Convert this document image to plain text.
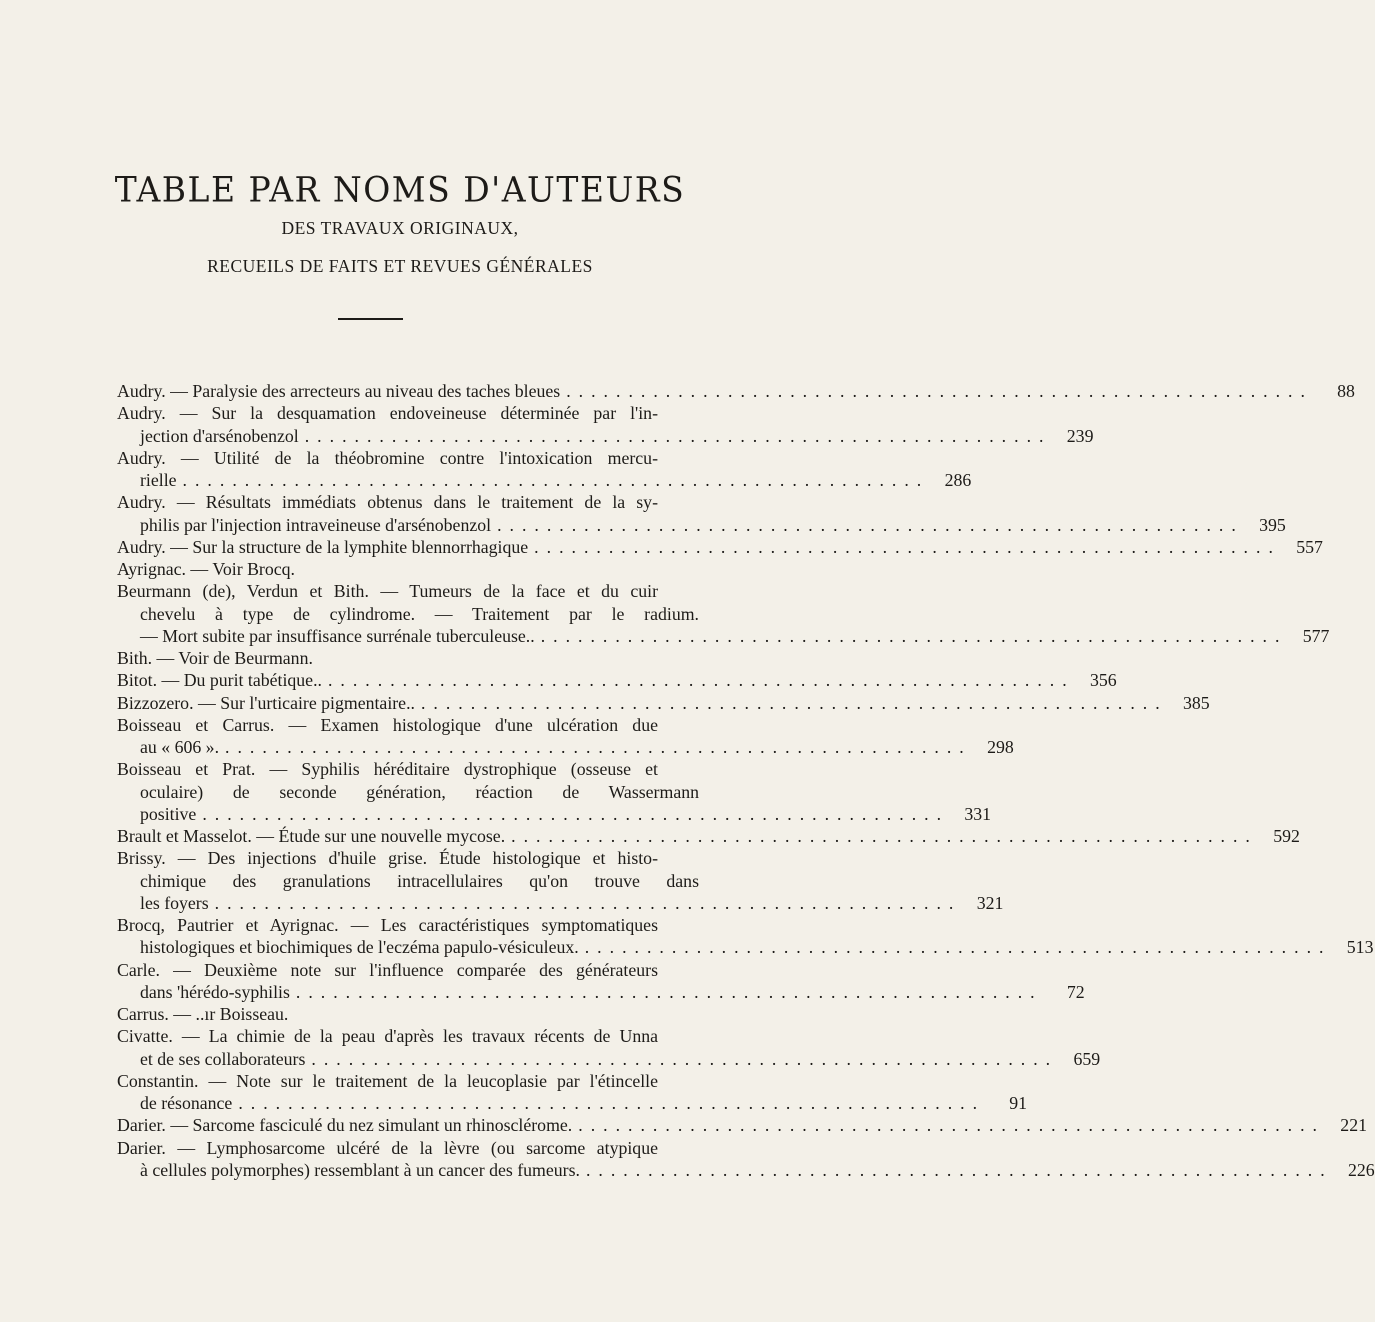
TABLE PAR NOMS D'AUTEURS
DES TRAVAUX ORIGINAUX,
RECUEILS DE FAITS ET REVUES GÉNÉRALES
Audry. — Paralysie des arrecteurs au niveau des taches bleues ............................................................	88
Audry. — Sur la desquamation endoveineuse déterminée par l'in-
jection d'arsénobenzol ............................................................ 239
Audry. — Utilité de la théobromine contre l'intoxication mercu-
rielle ............................................................ 286
Audry. — Résultats immédiats obtenus dans le traitement de la sy-
philis par l'injection intraveineuse d'arsénobenzol ............................................................ 395
Audry. — Sur la structure de la lymphite blennorrhagique ............................................................ 557
Ayrignac. — Voir Brocq.
Beurmann (de), Verdun et Bith. — Tumeurs de la face et du cuir
chevelu à type de cylindrome. — Traitement par le radium.
— Mort subite par insuffisance surrénale tuberculeuse.. ............................................................ 577
Bith. — Voir de Beurmann.
Bitot. — Du purit tabétique.. ............................................................ 356
Bizzozero. — Sur l'urticaire pigmentaire.. ............................................................ 385
Boisseau et Carrus. — Examen histologique d'une ulcération due
au « 606 ». ............................................................ 298
Boisseau et Prat. — Syphilis héréditaire dystrophique (osseuse et
oculaire) de seconde génération, réaction de Wassermann
positive ............................................................ 331
Brault et Masselot. — Étude sur une nouvelle mycose. ............................................................ 592
Brissy. — Des injections d'huile grise. Étude histologique et histo-
chimique des granulations intracellulaires qu'on trouve dans
les foyers ............................................................ 321
Brocq, Pautrier et Ayrignac. — Les caractéristiques symptomatiques
histologiques et biochimiques de l'eczéma papulo-vésiculeux. ............................................................ 513
Carle. — Deuxième note sur l'influence comparée des générateurs
dans 'hérédo-syphilis ............................................................	72
Carrus. — ..ır Boisseau.
Civatte. — La chimie de la peau d'après les travaux récents de Unna
et de ses collaborateurs ............................................................ 659
Constantin. — Note sur le traitement de la leucoplasie par l'étincelle
de résonance ............................................................	91
Darier. — Sarcome fasciculé du nez simulant un rhinosclérome. ............................................................ 221
Darier. — Lymphosarcome ulcéré de la lèvre (ou sarcome atypique
à cellules polymorphes) ressemblant à un cancer des fumeurs. ............................................................ 226
